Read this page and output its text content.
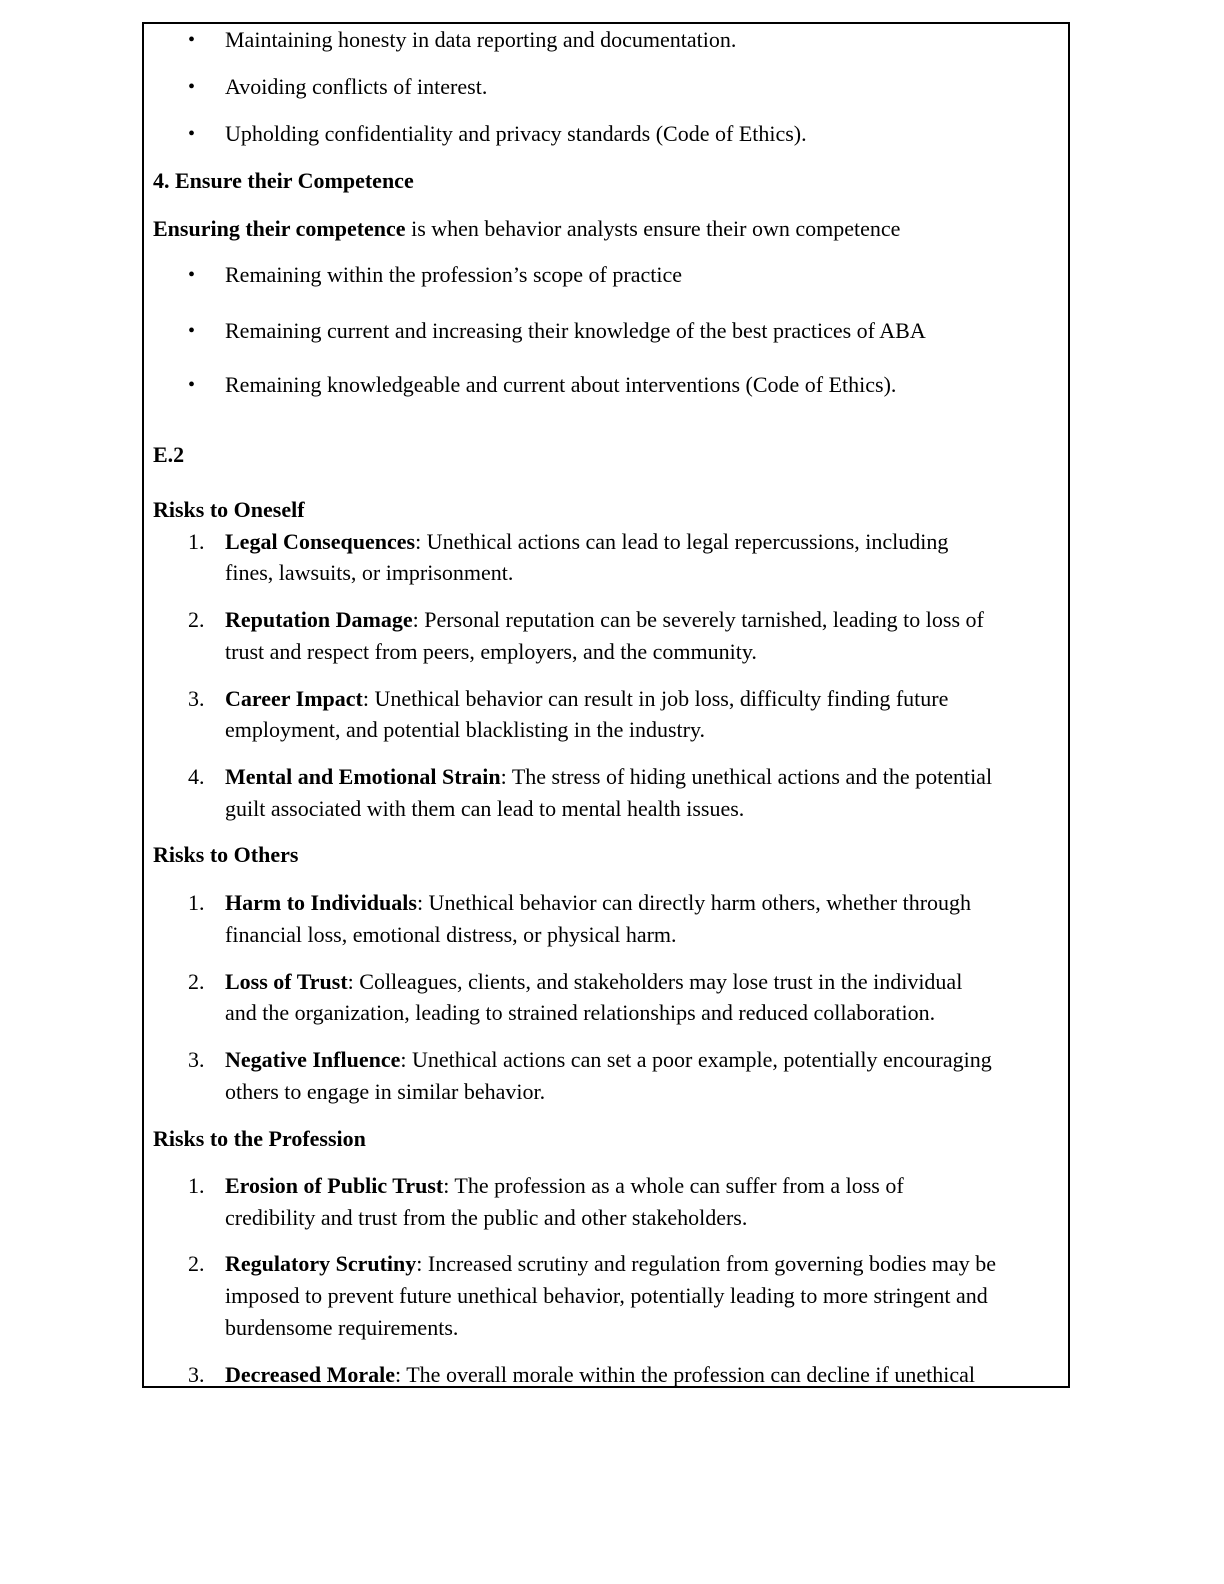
• Maintaining honesty in data reporting and documentation.
• Avoiding conflicts of interest.
• Upholding confidentiality and privacy standards (Code of Ethics).
4. Ensure their Competence
Ensuring their competence is when behavior analysts ensure their own competence
• Remaining within the profession’s scope of practice
• Remaining current and increasing their knowledge of the best practices of ABA
• Remaining knowledgeable and current about interventions (Code of Ethics).
E.2
Risks to Oneself
1. Legal Consequences: Unethical actions can lead to legal repercussions, including
fines, lawsuits, or imprisonment.
2. Reputation Damage: Personal reputation can be severely tarnished, leading to loss of
trust and respect from peers, employers, and the community.
3. Career Impact: Unethical behavior can result in job loss, difficulty finding future
employment, and potential blacklisting in the industry.
4. Mental and Emotional Strain: The stress of hiding unethical actions and the potential
guilt associated with them can lead to mental health issues.
Risks to Others
1. Harm to Individuals: Unethical behavior can directly harm others, whether through
financial loss, emotional distress, or physical harm.
2. Loss of Trust: Colleagues, clients, and stakeholders may lose trust in the individual
and the organization, leading to strained relationships and reduced collaboration.
3. Negative Influence: Unethical actions can set a poor example, potentially encouraging
others to engage in similar behavior.
Risks to the Profession
1. Erosion of Public Trust: The profession as a whole can suffer from a loss of
credibility and trust from the public and other stakeholders.
2. Regulatory Scrutiny: Increased scrutiny and regulation from governing bodies may be
imposed to prevent future unethical behavior, potentially leading to more stringent and
burdensome requirements.
3. Decreased Morale: The overall morale within the profession can decline if unethical
